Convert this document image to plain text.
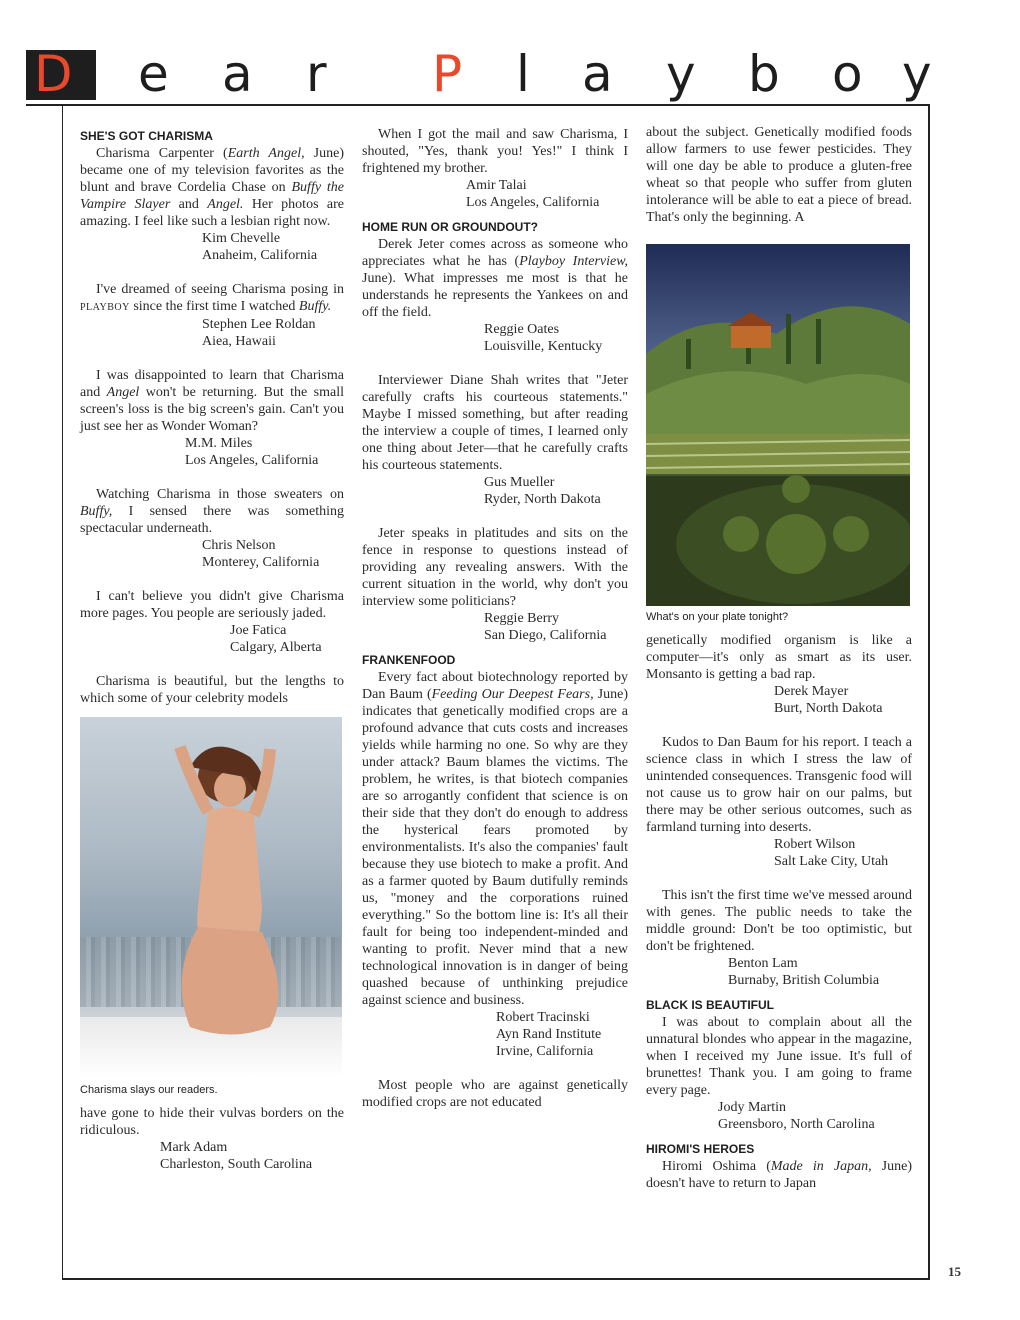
D e a r P l a y b o y
SHE'S GOT CHARISMA

Charisma Carpenter (Earth Angel, June) became one of my television favorites as the blunt and brave Cordelia Chase on Buffy the Vampire Slayer and Angel. Her photos are amazing. I feel like such a lesbian right now.

Kim Chevelle
Anaheim, California

I've dreamed of seeing Charisma posing in PLAYBOY since the first time I watched Buffy.

Stephen Lee Roldan
Aiea, Hawaii

I was disappointed to learn that Charisma and Angel won't be returning. But the small screen's loss is the big screen's gain. Can't you just see her as Wonder Woman?

M.M. Miles
Los Angeles, California

Watching Charisma in those sweaters on Buffy, I sensed there was something spectacular underneath.

Chris Nelson
Monterey, California

I can't believe you didn't give Charisma more pages. You people are seriously jaded.

Joe Fatica
Calgary, Alberta

Charisma is beautiful, but the lengths to which some of your celebrity models

Charisma slays our readers.

have gone to hide their vulvas borders on the ridiculous.

Mark Adam
Charleston, South Carolina

When I got the mail and saw Charisma, I shouted, "Yes, thank you! Yes!" I think I frightened my brother.

Amir Talai
Los Angeles, California
HOME RUN OR GROUNDOUT?

Derek Jeter comes across as someone who appreciates what he has (Playboy Interview, June). What impresses me most is that he understands he represents the Yankees on and off the field.

Reggie Oates
Louisville, Kentucky

Interviewer Diane Shah writes that "Jeter carefully crafts his courteous statements." Maybe I missed something, but after reading the interview a couple of times, I learned only one thing about Jeter—that he carefully crafts his courteous statements.

Gus Mueller
Ryder, North Dakota

Jeter speaks in platitudes and sits on the fence in response to questions instead of providing any revealing answers. With the current situation in the world, why don't you interview some politicians?

Reggie Berry
San Diego, California
FRANKENFOOD

Every fact about biotechnology reported by Dan Baum (Feeding Our Deepest Fears, June) indicates that genetically modified crops are a profound advance that cuts costs and increases yields while harming no one. So why are they under attack? Baum blames the victims. The problem, he writes, is that biotech companies are so arrogantly confident that science is on their side that they don't do enough to address the hysterical fears promoted by environmentalists. It's also the companies' fault because they use biotech to make a profit. And as a farmer quoted by Baum dutifully reminds us, "money and the corporations ruined everything." So the bottom line is: It's all their fault for being too independent-minded and wanting to profit. Never mind that a new technological innovation is in danger of being quashed because of unthinking prejudice against science and business.

Robert Tracinski
Ayn Rand Institute
Irvine, California

Most people who are against genetically modified crops are not educated

about the subject. Genetically modified foods allow farmers to use fewer pesticides. They will one day be able to produce a gluten-free wheat so that people who suffer from gluten intolerance will be able to eat a piece of bread. That's only the beginning. A

What's on your plate tonight?

genetically modified organism is like a computer—it's only as smart as its user. Monsanto is getting a bad rap.

Derek Mayer
Burt, North Dakota

Kudos to Dan Baum for his report. I teach a science class in which I stress the law of unintended consequences. Transgenic food will not cause us to grow hair on our palms, but there may be other serious outcomes, such as farmland turning into deserts.

Robert Wilson
Salt Lake City, Utah

This isn't the first time we've messed around with genes. The public needs to take the middle ground: Don't be too optimistic, but don't be frightened.

Benton Lam
Burnaby, British Columbia
BLACK IS BEAUTIFUL

I was about to complain about all the unnatural blondes who appear in the magazine, when I received my June issue. It's full of brunettes! Thank you. I am going to frame every page.

Jody Martin
Greensboro, North Carolina
HIROMI'S HEROES

Hiromi Oshima (Made in Japan, June) doesn't have to return to Japan

15
